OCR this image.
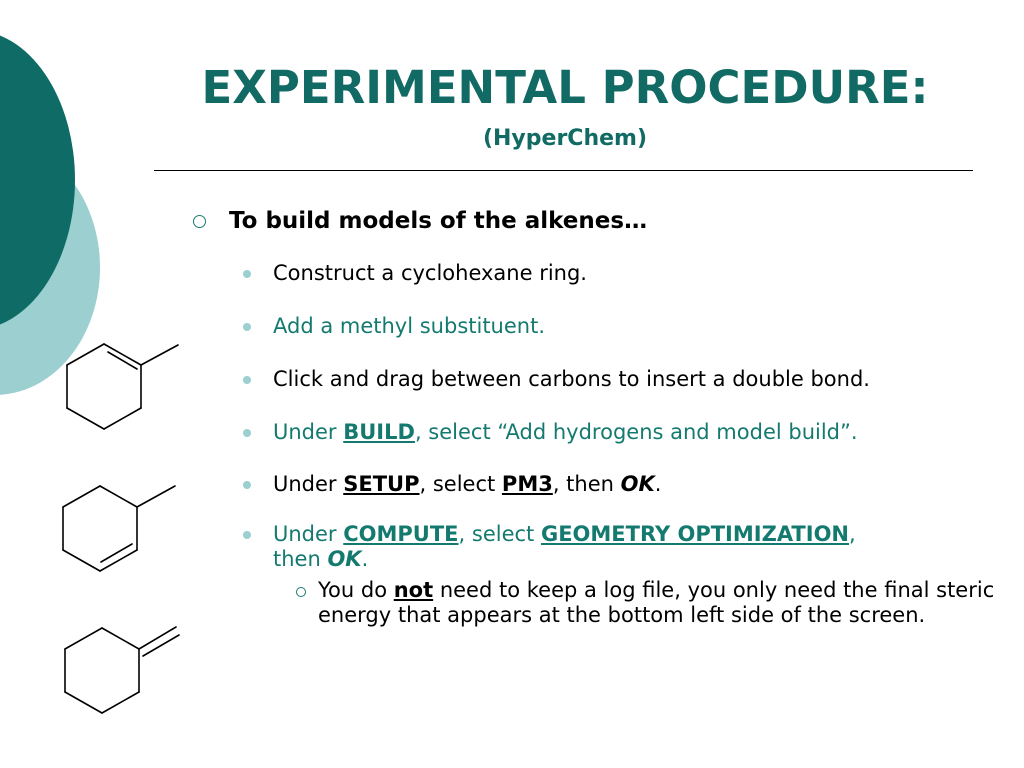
EXPERIMENTAL PROCEDURE:
(HyperChem)
To build models of the alkenes…
Construct a cyclohexane ring.
Add a methyl substituent.
Click and drag between carbons to insert a double bond.
Under BUILD, select “Add hydrogens and model build”.
Under SETUP, select PM3, then OK.
Under COMPUTE, select GEOMETRY OPTIMIZATION,
then OK.
You do not need to keep a log file, you only need the final steric energy that appears at the bottom left side of the screen.
